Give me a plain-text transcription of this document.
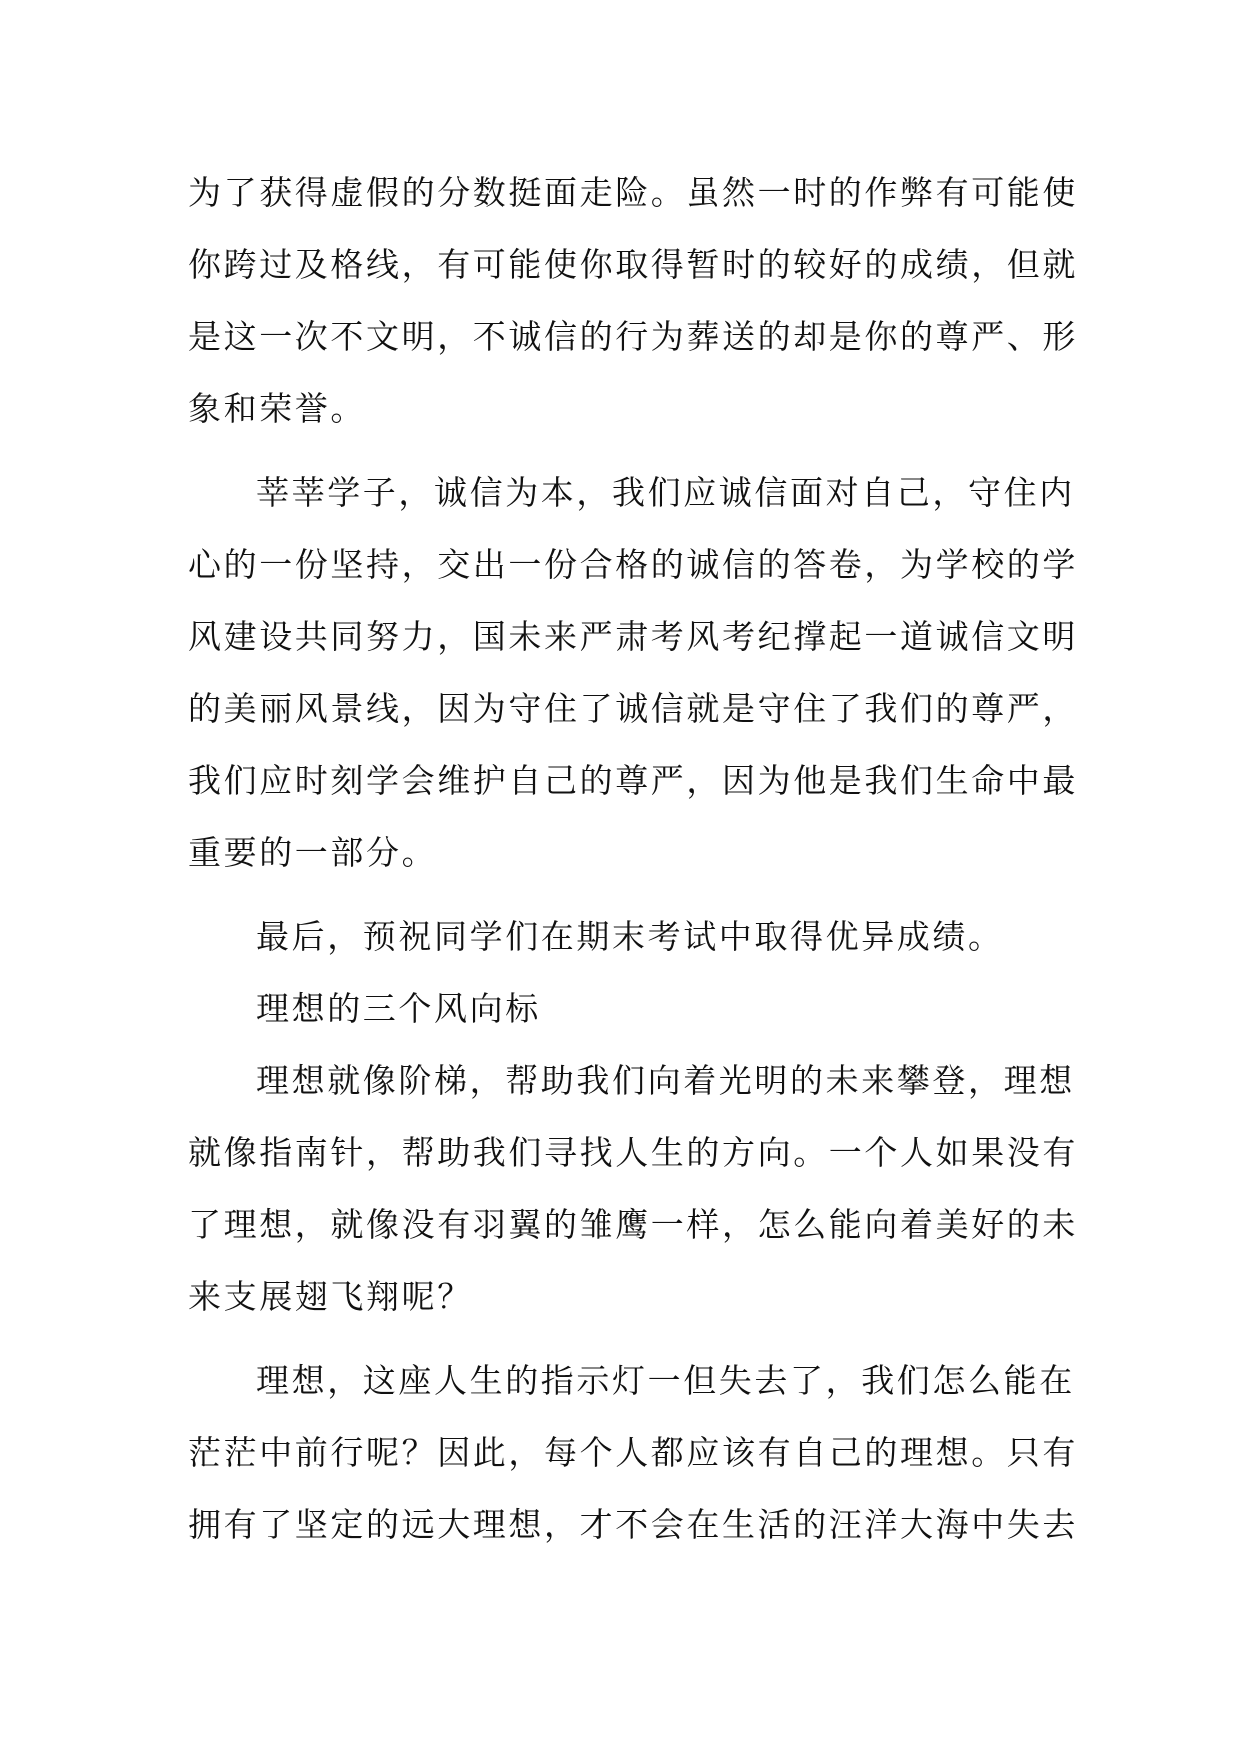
为了获得虚假的分数挺面走险。虽然一时的作弊有可能使
你跨过及格线，有可能使你取得暂时的较好的成绩，但就
是这一次不文明，不诚信的行为葬送的却是你的尊严、形
象和荣誉。
莘莘学子，诚信为本，我们应诚信面对自己，守住内
心的一份坚持，交出一份合格的诚信的答卷，为学校的学
风建设共同努力，国未来严肃考风考纪撑起一道诚信文明
的美丽风景线，因为守住了诚信就是守住了我们的尊严，
我们应时刻学会维护自己的尊严，因为他是我们生命中最
重要的一部分。
最后，预祝同学们在期末考试中取得优异成绩。
理想的三个风向标
理想就像阶梯，帮助我们向着光明的未来攀登，理想
就像指南针，帮助我们寻找人生的方向。一个人如果没有
了理想，就像没有羽翼的雏鹰一样，怎么能向着美好的未
来支展翅飞翔呢？
理想，这座人生的指示灯一但失去了，我们怎么能在
茫茫中前行呢？因此，每个人都应该有自己的理想。只有
拥有了坚定的远大理想，才不会在生活的汪洋大海中失去
